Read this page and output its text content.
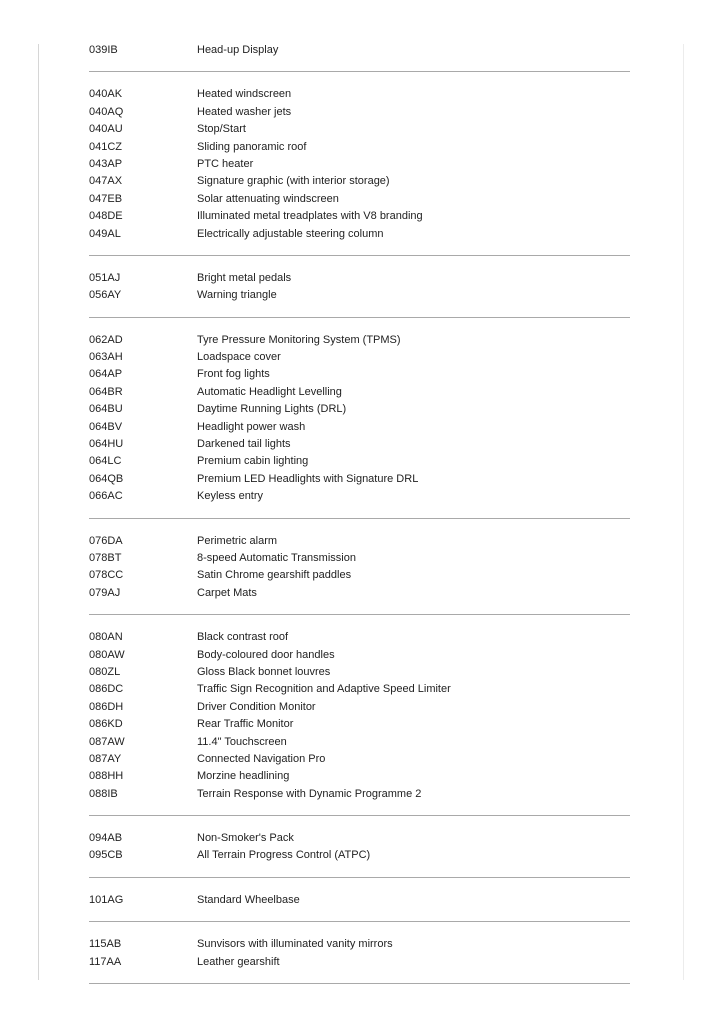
039IB	Head-up Display
040AK	Heated windscreen
040AQ	Heated washer jets
040AU	Stop/Start
041CZ	Sliding panoramic roof
043AP	PTC heater
047AX	Signature graphic (with interior storage)
047EB	Solar attenuating windscreen
048DE	Illuminated metal treadplates with V8 branding
049AL	Electrically adjustable steering column
051AJ	Bright metal pedals
056AY	Warning triangle
062AD	Tyre Pressure Monitoring System (TPMS)
063AH	Loadspace cover
064AP	Front fog lights
064BR	Automatic Headlight Levelling
064BU	Daytime Running Lights (DRL)
064BV	Headlight power wash
064HU	Darkened tail lights
064LC	Premium cabin lighting
064QB	Premium LED Headlights with Signature DRL
066AC	Keyless entry
076DA	Perimetric alarm
078BT	8-speed Automatic Transmission
078CC	Satin Chrome gearshift paddles
079AJ	Carpet Mats
080AN	Black contrast roof
080AW	Body-coloured door handles
080ZL	Gloss Black bonnet louvres
086DC	Traffic Sign Recognition and Adaptive Speed Limiter
086DH	Driver Condition Monitor
086KD	Rear Traffic Monitor
087AW	11.4" Touchscreen
087AY	Connected Navigation Pro
088HH	Morzine headlining
088IB	Terrain Response with Dynamic Programme 2
094AB	Non-Smoker's Pack
095CB	All Terrain Progress Control (ATPC)
101AG	Standard Wheelbase
115AB	Sunvisors with illuminated vanity mirrors
117AA	Leather gearshift
